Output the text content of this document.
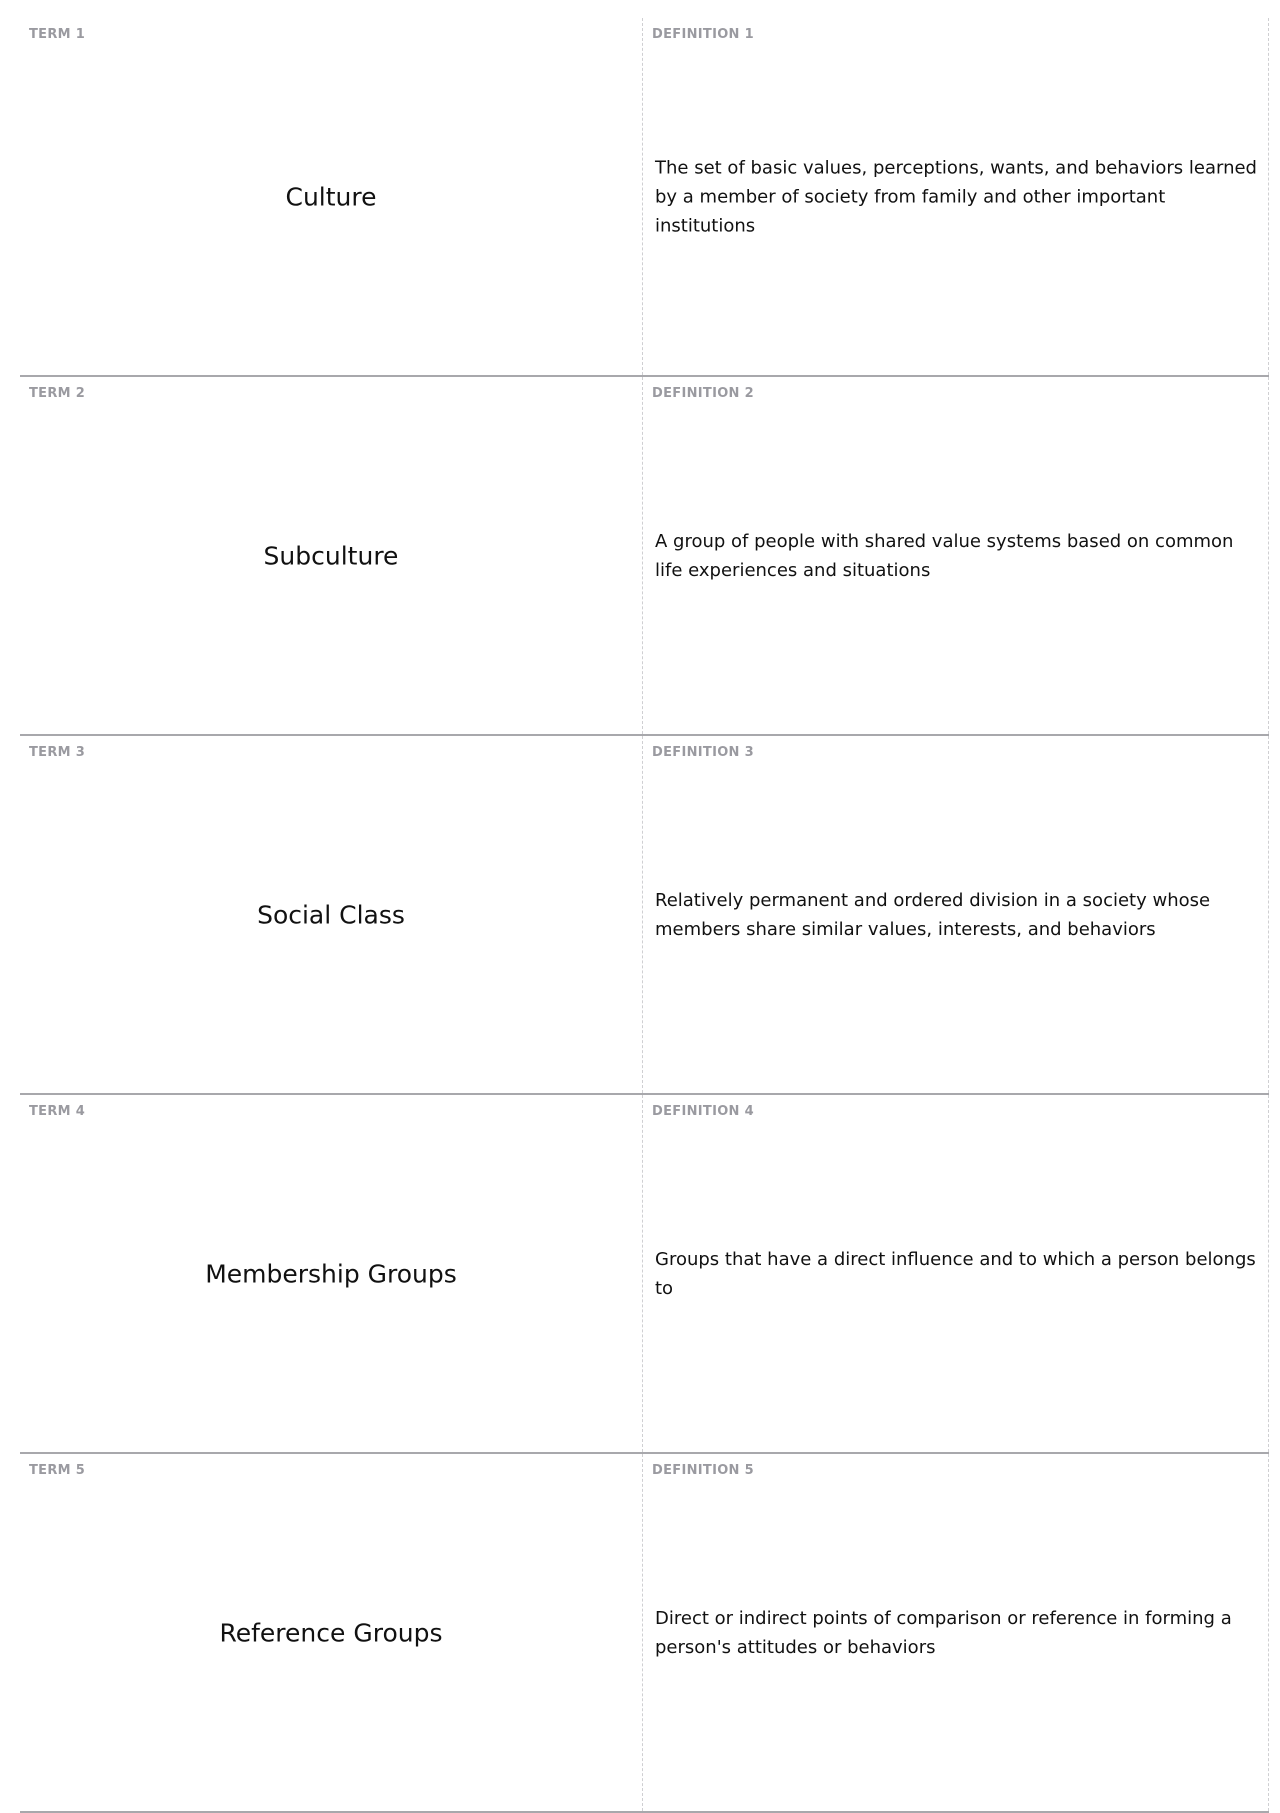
TERM 1
Culture
DEFINITION 1
The set of basic values, perceptions, wants, and behaviors learned by a member of society from family and other important institutions
TERM 2
Subculture
DEFINITION 2
A group of people with shared value systems based on common life experiences and situations
TERM 3
Social Class
DEFINITION 3
Relatively permanent and ordered division in a society whose members share similar values, interests, and behaviors
TERM 4
Membership Groups
DEFINITION 4
Groups that have a direct influence and to which a person belongs to
TERM 5
Reference Groups
DEFINITION 5
Direct or indirect points of comparison or reference in forming a person's attitudes or behaviors
